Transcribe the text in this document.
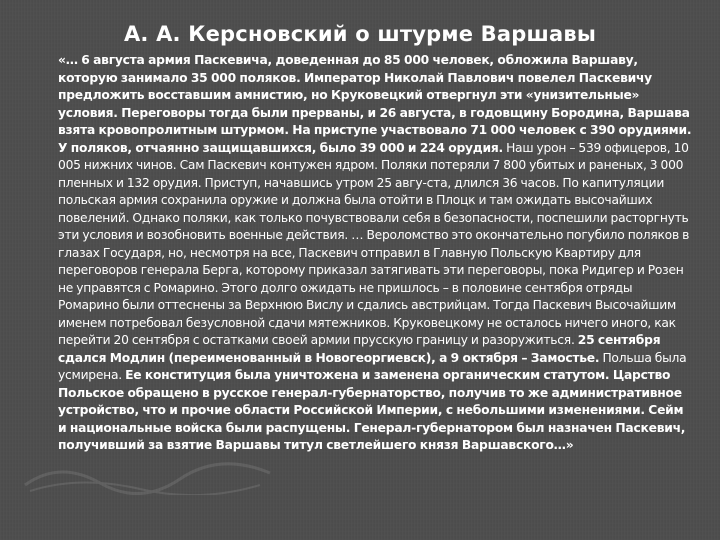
А. А. Керсновский о штурме Варшавы

«… 6 августа армия Паскевича, доведенная до 85 000 человек, обложила Варшаву, которую занимало 35 000 поляков. Император Николай Павлович повелел Паскевичу предложить восставшим амнистию, но Круковецкий отвергнул эти «унизительные» условия. Переговоры тогда были прерваны, и 26 августа, в годовщину Бородина, Варшава взята кровопролитным штурмом. На приступе участвовало 71 000 человек с 390 орудиями. У поляков, отчаянно защищавшихся, было 39 000 и 224 орудия. Наш урон – 539 офицеров, 10 005 нижних чинов. Сам Паскевич контужен ядром. Поляки потеряли 7 800 убитых и раненых, 3 000 пленных и 132 орудия. Приступ, начавшись утром 25 авгу-ста, длился 36 часов. По капитуляции польская армия сохранила оружие и должна была отойти в Плоцк и там ожидать высочайших повелений. Однако поляки, как только почувствовали себя в безопасности, поспешили расторгнуть эти условия и возобновить военные действия. … Вероломство это окончательно погубило поляков в глазах Государя, но, несмотря на все, Паскевич отправил в Главную Польскую Квартиру для переговоров генерала Берга, которому приказал затягивать эти переговоры, пока Ридигер и Розен не управятся с Ромарино. Этого долго ожидать не пришлось – в половине сентября отряды Ромарино были оттеснены за Верхнюю Вислу и сдались австрийцам. Тогда Паскевич Высочайшим именем потребовал безусловной сдачи мятежников. Круковецкому не осталось ничего иного, как перейти 20 сентября с остатками своей армии прусскую границу и разоружиться. 25 сентября сдался Модлин (переименованный в Новогеоргиевск), а 9 октября – Замостье. Польша была усмирена. Ее конституция была уничтожена и заменена органическим статутом. Царство Польское обращено в русское генерал-губернаторство, получив то же административное устройство, что и прочие области Российской Империи, с небольшими изменениями. Сейм и национальные войска были распущены. Генерал-губернатором был назначен Паскевич, получивший за взятие Варшавы титул светлейшего князя Варшавского…»
